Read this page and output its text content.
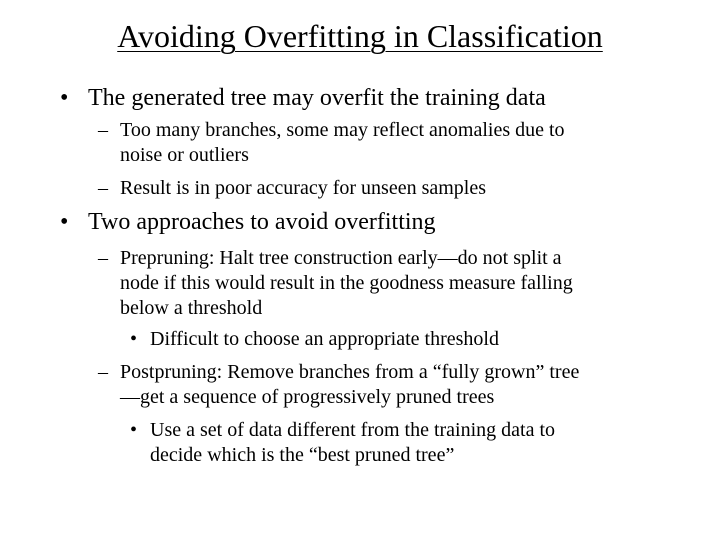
Avoiding Overfitting in Classification
• The generated tree may overfit the training data
– Too many branches, some may reflect anomalies due to
noise or outliers
– Result is in poor accuracy for unseen samples
• Two approaches to avoid overfitting
– Prepruning: Halt tree construction early—do not split a
node if this would result in the goodness measure falling
below a threshold
• Difficult to choose an appropriate threshold
– Postpruning: Remove branches from a “fully grown” tree
—get a sequence of progressively pruned trees
• Use a set of data different from the training data to
decide which is the “best pruned tree”
